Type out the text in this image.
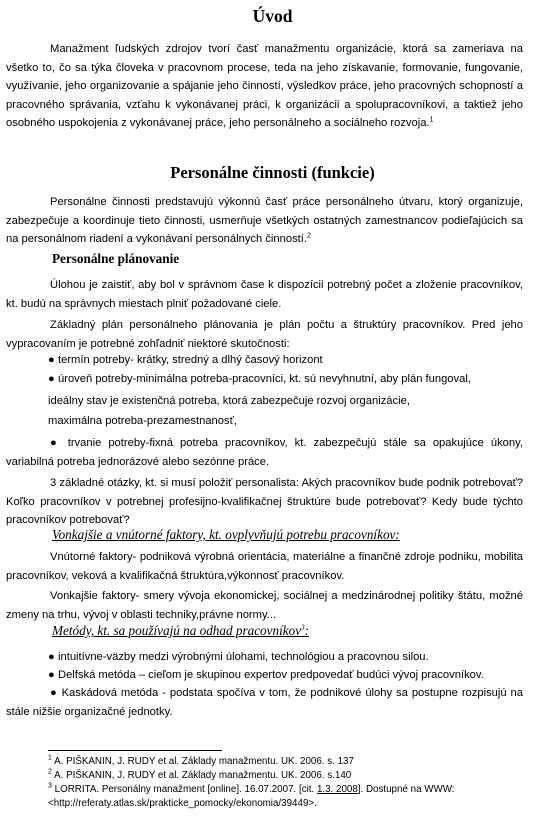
Úvod

Manažment ľudských zdrojov tvorí časť manažmentu organizácie, ktorá sa zameriava na všetko to, čo sa týka človeka v pracovnom procese, teda na jeho získavanie, formovanie, fungovanie, využívanie, jeho organizovanie a spájanie jeho činností, výsledkov práce, jeho pracovných schopností a pracovného správania, vzťahu k vykonávanej práci, k organizácii a spolupracovníkovi, a taktiež jeho osobného uspokojenia z vykonávanej práce, jeho personálneho a sociálneho rozvoja.$^1$

Personálne činnosti (funkcie)

Personálne činnosti predstavujú výkonnú časť práce personálneho útvaru, ktorý organizuje, zabezpečuje a koordinuje tieto činnosti, usmerňuje všetkých ostatných zamestnancov podieľajúcich sa na personálnom riadení a vykonávaní personálnych činností.$^2$

Personálne plánovanie

Úlohou je zaistiť, aby bol v správnom čase k dispozícii potrebný počet a zloženie pracovníkov, kt. budú na správnych miestach plniť požadované ciele.

Základný plán personálneho plánovania je plán počtu a štruktúry pracovníkov. Pred jeho vypracovaním je potrebné zohľadniť niektoré skutočnosti:

● termín potreby- krátky, stredný a dlhý časový horizont
● úroveň potreby-minimálna potreba-pracovníci, kt. sú nevyhnutní, aby plán fungoval,
ideálny stav je existenčná potreba, ktorá zabezpečuje rozvoj organizácie,
maximálna potreba-prezamestnanosť,

● trvanie potreby-fixná potreba pracovníkov, kt. zabezpečujú stále sa opakujúce úkony, variabilná potreba jednorázové alebo sezónne práce.

3 základné otázky, kt. si musí položiť personalista: Akých pracovníkov bude podnik potrebovať? Koľko pracovníkov v potrebnej profesijno-kvalifikačnej štruktúre bude potrebovať? Kedy bude týchto pracovníkov potrebovať?

Vonkajšie a vnútorné faktory, kt. ovplyvňujú potrebu pracovníkov:

Vnútorné faktory- podniková výrobná orientácia, materiálne a finančné zdroje podniku, mobilita pracovníkov, veková a kvalifikačná štruktúra,výkonnosť pracovníkov.

Vonkajšie faktory- smery vývoja ekonomickej, sociálnej a medzinárodnej politiky štátu, možné zmeny na trhu, vývoj v oblasti techniky,právne normy...

Metódy, kt. sa používajú na odhad pracovníkov$^3$:
● intuitívne-väzby medzi výrobnými úlohami, technológiou a pracovnou silou.
● Delfská metóda – cieľom je skupinou expertov predpovedať budúci vývoj pracovníkov.

● Kaskádová metóda - podstata spočíva v tom, že podnikové úlohy sa postupne rozpisujú na stále nižšie organizačné jednotky.

$^1$ A. PIŠKANIN, J. RUDY et al. Základy manažmentu. UK. 2006. s. 137
$^2$ A. PIŠKANIN, J. RUDY et al. Základy manažmentu. UK. 2006. s.140
$^3$ LORRITA. Personálny manažment [online]. 16.07.2007. [cit. 1.3. 2008]. Dostupné na WWW: <http://referaty.atlas.sk/prakticke_pomocky/ekonomia/39449>.
